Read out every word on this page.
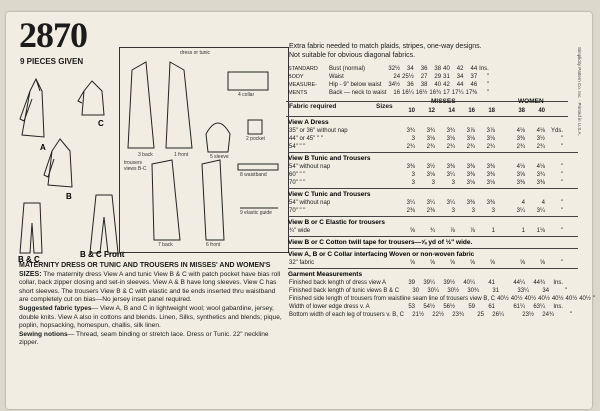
2870
9 PIECES GIVEN
A
C
B
B & C
B & C Front
dress or tunic
3 back	1 front
4 collar
5 sleeve
2 pocket
trousers
views B-C
7 back	6 front
8 waistband
9 elastic guide
MATERNITY DRESS OR TUNIC AND TROUSERS IN MISSES' AND WOMEN'S SIZES: The maternity dress View A and tunic View B & C with patch pocket have bias roll collar, back zipper closing and set-in sleeves. View A & B have long sleeves. View C has short sleeves. The trousers View B & C with elastic and tie ends inserted thru waistband are completely cut on bias—No jersey inset panel required.
Suggested fabric types— View A, B and C in lightweight wool; wool gabardine, jersey, double knits. View A also in cottons and blends. Linen, Silks, synthetics and blends; pique, poplin, hopsacking, homespun, challis, silk linen.
Sewing notions— Thread, seam binding or stretch lace. Dress or Tunic. 22" neckline zipper.
Extra fabric needed to match plaids, stripes, one-way designs.
Not suitable for obvious diagonal fabrics.
STANDARD
BODY
MEASURE-
MENTS
Bust (normal)	32½	34	36	38	40	42	44	Ins.
Waist	24	25½	27	29	31	34	37	"
Hip - 9" below waist	34½	36	38	40	42	44	46	"
Back — neck to waist	16	16¼	16½	16¾	17	17¼	17⅜	"
Fabric required	Sizes
MISSES	WOMEN
10	12	14	16	18	38	40
View A Dress
35" or 36" without nap	3¾	3¾	3¾	3⅞	3⅞	4⅛	4⅛	Yds.
44" or 45" " "	3	3⅛	3⅛	3⅛	3⅛	3⅜	3½	"
54" " "	2¾	2¾	2¾	2¾	2¾	2¾	2¾	"
View B Tunic and Trousers
54" without nap	3⅜	3½	3⅜	3⅜	3⅜	4⅛	4⅛	"
60" " "	3	3⅛	3¼	3⅜	3⅜	3⅝	3¾	"
70" " "	3	3	3	3⅛	3⅛	3⅜	3⅜	"
View C Tunic and Trousers
54" without nap	3¼	3¼	3¼	3⅜	3⅜	4	4	"
70" " "	2⅜	2⅜	3	3	3	3¼	3¼	"
View B or C Elastic for trousers
¾" wide	⅝	¾	⅞	⅞	1	1	1⅛	"
View B or C Cotton twill tape for trousers—⅝ yd of ½" wide.
View A, B or C Collar interfacing Woven or non-woven fabric
32" fabric	⅝	⅝	⅝	⅝	⅝	⅝	⅝	"
Garment Measurements
Finished back length of dress view A	39	39¼	39½	40¼	41	44¼	44¾	Ins.
Finished back length of tunic views B & C	30	30¼	30½	30¾	31	33¼	34	"
Finished side length of trousers from waistline seam line of trousers view B, C	40½	40½	40½	40½	40½	40½	40½	"
Width of lower edge dress v. A	53	54½	56½	59	61	61¼	63¼	Ins.
Bottom width of each leg of trousers v. B, C	21½	22½	23¾	25	26¼	23½	24¾	"
Simplicity Pattern Co. Inc. · Printed in U.S.A.
